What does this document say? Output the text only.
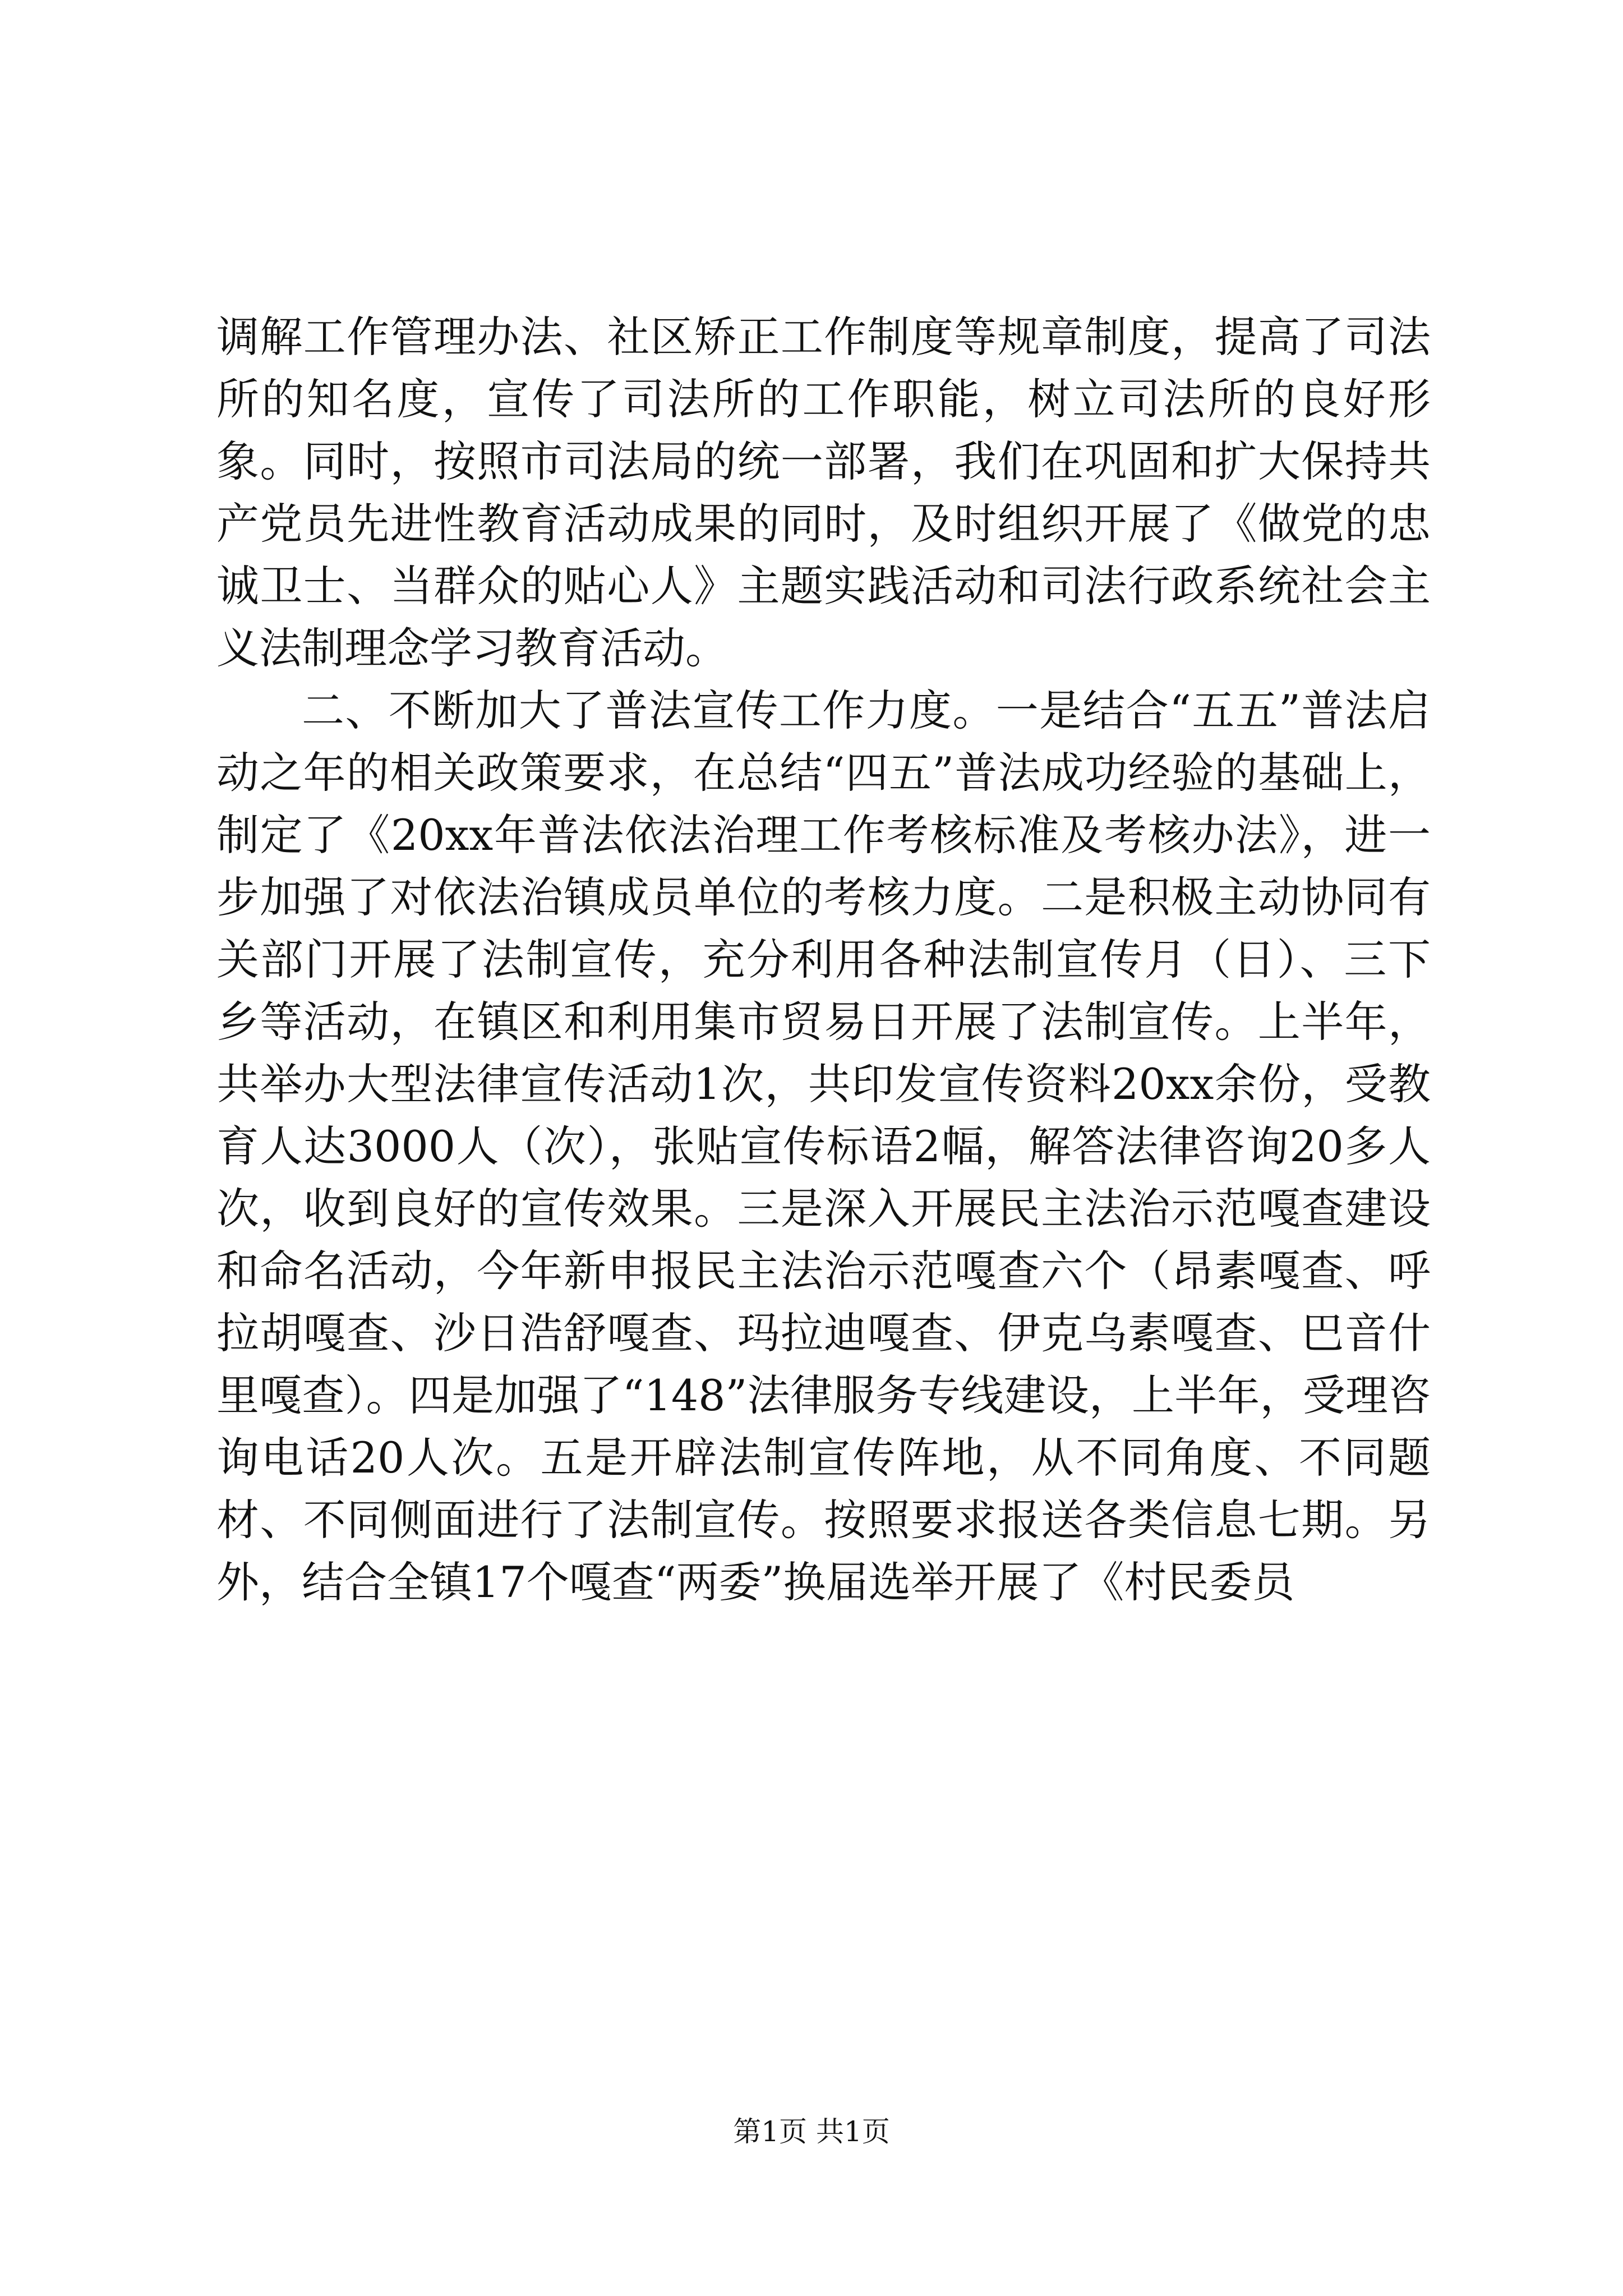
调解工作管理办法、社区矫正工作制度等规章制度，提高了司法所的知名度，宣传了司法所的工作职能，树立司法所的良好形象。同时，按照市司法局的统一部署，我们在巩固和扩大保持共产党员先进性教育活动成果的同时，及时组织开展了《做党的忠诚卫士、当群众的贴心人》主题实践活动和司法行政系统社会主义法制理念学习教育活动。

二、不断加大了普法宣传工作力度。一是结合“五五”普法启动之年的相关政策要求，在总结“四五”普法成功经验的基础上，制定了《20xx年普法依法治理工作考核标准及考核办法》，进一步加强了对依法治镇成员单位的考核力度。二是积极主动协同有关部门开展了法制宣传，充分利用各种法制宣传月（日）、三下乡等活动，在镇区和利用集市贸易日开展了法制宣传。上半年，共举办大型法律宣传活动1次，共印发宣传资料20xx余份，受教育人达3000人（次），张贴宣传标语2幅，解答法律咨询20多人次，收到良好的宣传效果。三是深入开展民主法治示范嘎查建设和命名活动，今年新申报民主法治示范嘎查六个（昂素嘎查、呼拉胡嘎查、沙日浩舒嘎查、玛拉迪嘎查、伊克乌素嘎查、巴音什里嘎查）。四是加强了“148”法律服务专线建设，上半年，受理咨询电话20人次。五是开辟法制宣传阵地，从不同角度、不同题材、不同侧面进行了法制宣传。按照要求报送各类信息七期。另外，结合全镇17个嘎查“两委”换届选举开展了《村民委员

第1页 共1页
